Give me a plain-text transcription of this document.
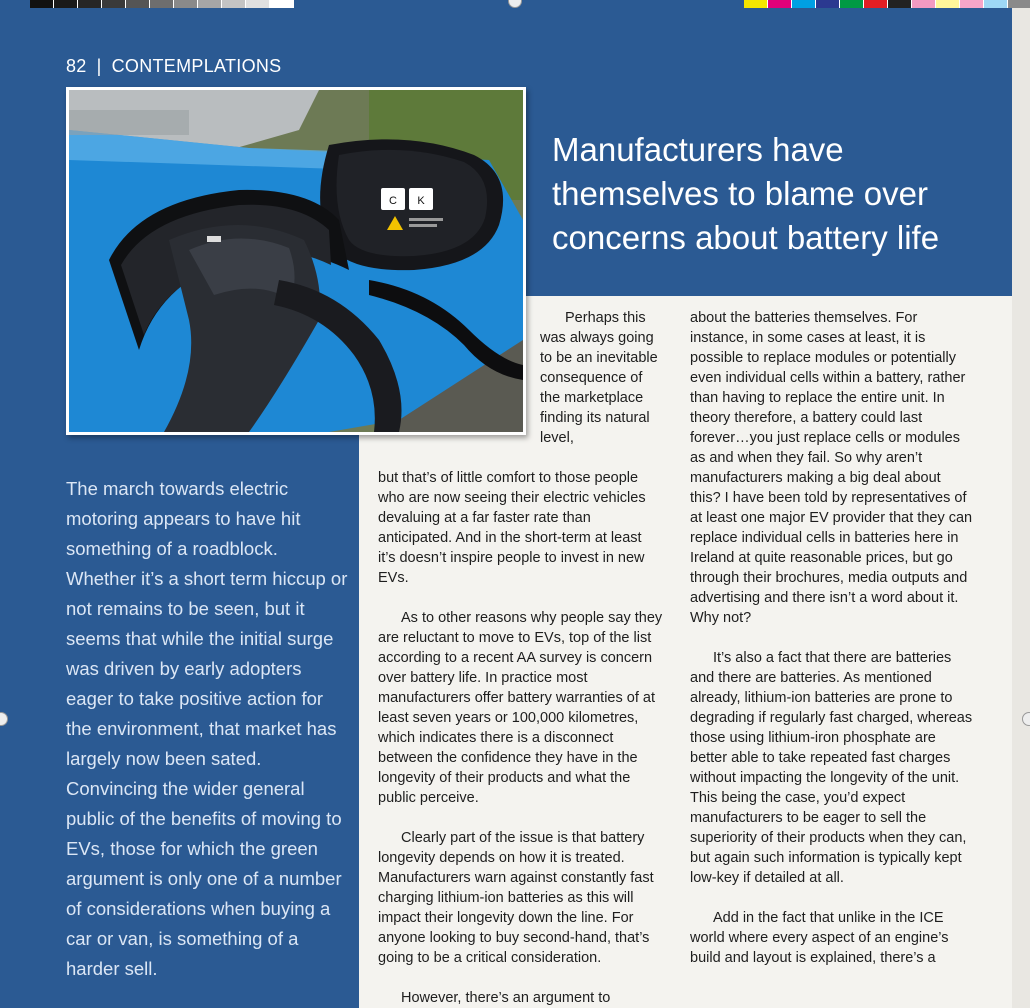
82 | CONTEMPLATIONS
C K
Manufacturers have themselves to blame over concerns about battery life

The march towards electric motoring appears to have hit something of a roadblock. Whether it’s a short term hiccup or not remains to be seen, but it seems that while the initial surge was driven by early adopters eager to take positive action for the environment, that market has largely now been sated. Convincing the wider general public of the benefits of moving to EVs, those for which the green argument is only one of a number of considerations when buying a car or van, is something of a harder sell.

Perhaps this was always going to be an inevitable consequence of the marketplace finding its natural level,

but that’s of little comfort to those people who are now seeing their electric vehicles devaluing at a far faster rate than anticipated. And in the short-term at least it’s doesn’t inspire people to invest in new EVs.

As to other reasons why people say they are reluctant to move to EVs, top of the list according to a recent AA survey is concern over battery life. In practice most manufacturers offer battery warranties of at least seven years or 100,000 kilometres, which indicates there is a disconnect between the confidence they have in the longevity of their products and what the public perceive.

Clearly part of the issue is that battery longevity depends on how it is treated. Manufacturers warn against constantly fast charging lithium-ion batteries as this will impact their longevity down the line. For anyone looking to buy second-hand, that’s going to be a critical consideration.

However, there’s an argument to

about the batteries themselves. For instance, in some cases at least, it is possible to replace modules or potentially even individual cells within a battery, rather than having to replace the entire unit. In theory therefore, a battery could last forever…you just replace cells or modules as and when they fail. So why aren’t manufacturers making a big deal about this? I have been told by representatives of at least one major EV provider that they can replace individual cells in batteries here in Ireland at quite reasonable prices, but go through their brochures, media outputs and advertising and there isn’t a word about it. Why not?

It’s also a fact that there are batteries and there are batteries. As mentioned already, lithium-ion batteries are prone to degrading if regularly fast charged, whereas those using lithium-iron phosphate are better able to take repeated fast charges without impacting the longevity of the unit. This being the case, you’d expect manufacturers to be eager to sell the superiority of their products when they can, but again such information is typically kept low-key if detailed at all.

Add in the fact that unlike in the ICE world where every aspect of an engine’s build and layout is explained, there’s a
